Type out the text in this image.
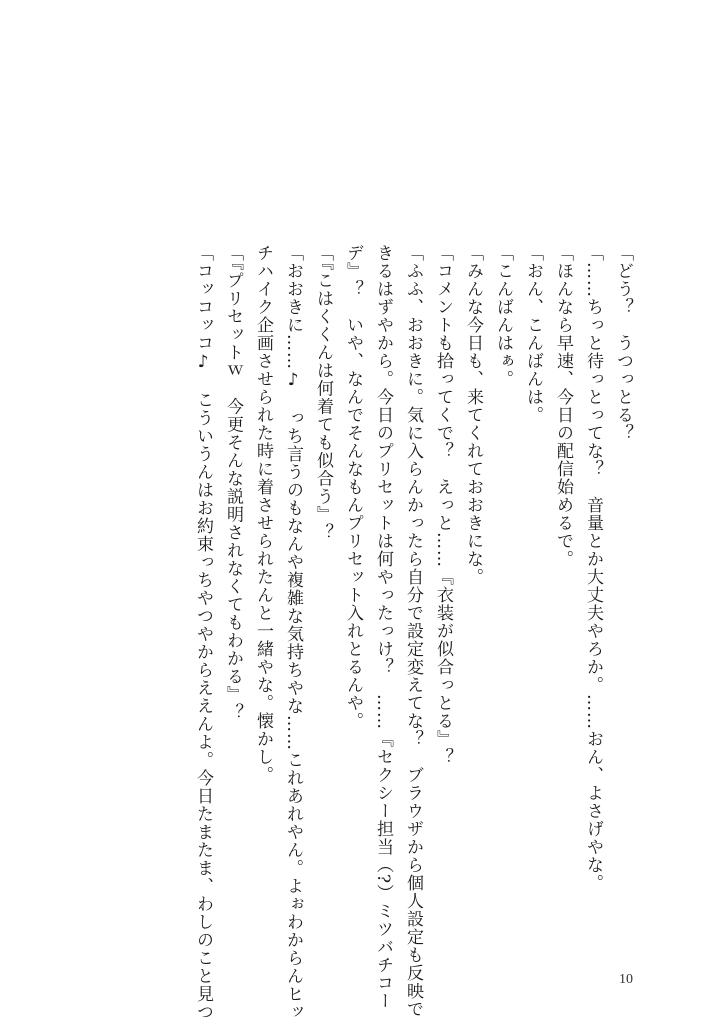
「どう？　うつっとる？
「……ちっと待っとってな？　音量とか大丈夫やろか。……おん、よさげやな。
「ほんなら早速、今日の配信始めるで。
「おん、こんばんは。
「こんばんはぁ。
「みんな今日も、来てくれておおきにな。
「コメントも拾ってくで？　えっと……『衣装が似合っとる』？
「ふふ、おおきに。気に入らんかったら自分で設定変えてな？　ブラウザから個人設定も反映で
きるはずやから。今日のプリセットは何やったっけ？　……『セクシー担当（?）ミツバチコー
デ』？　いや、なんでそんなもんプリセット入れとるんや。
「『こはくくんは何着ても似合う』？
「おおきに……♪　っち言うのもなんや複雑な気持ちやな……これあれやん。よぉわからんヒッ
チハイク企画させられた時に着させられたんと一緒やな。懐かし。
「『プリセットｗ　今更そんな説明されなくてもわかる』？
「コッコッコ♪　こういうんはお約束っちやつやからええんよ。今日たまたま、わしのこと見つ	10
